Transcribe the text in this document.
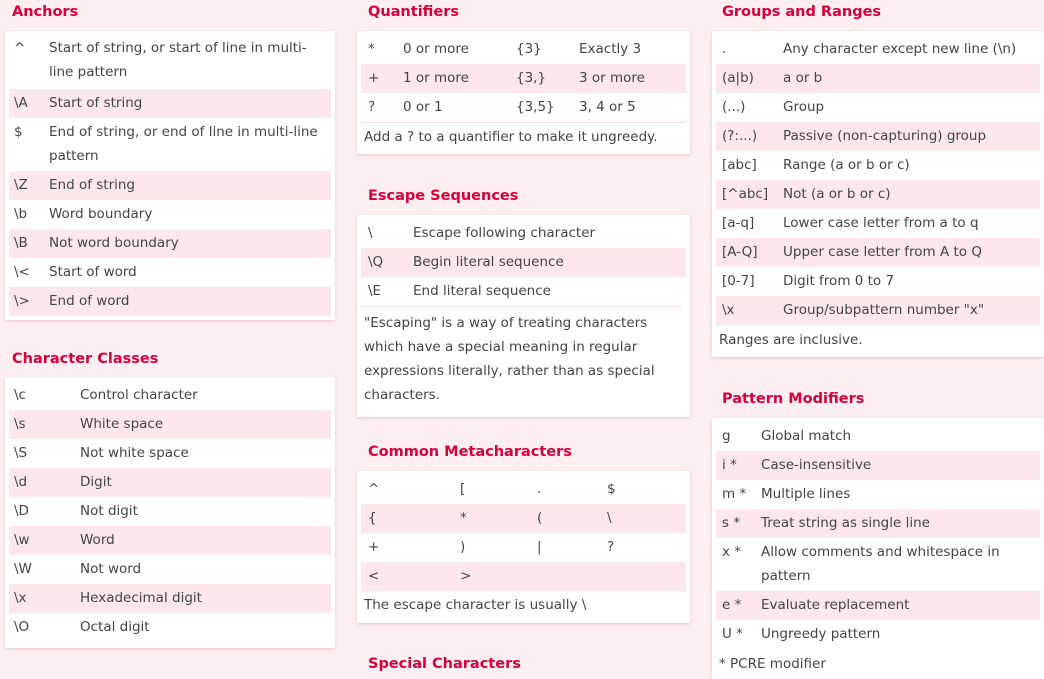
Anchors
^ Start of string, or start of line in multi-line pattern
\A Start of string
$ End of string, or end of line in multi-line pattern
\Z End of string
\b Word boundary
\B Not word boundary
\< Start of word
\> End of word
Character Classes
\c	Control character
\s	White space
\S	Not white space
\d	Digit
\D	Not digit
\w	Word
\W	Not word
\x	Hexadecimal digit
\O	Octal digit
Quantifiers
* 0 or more	{3}	Exactly 3
+ 1 or more	{3,} 3 or more
? 0 or 1	{3,5} 3, 4 or 5
Add a ? to a quantifier to make it ungreedy.
Escape Sequences
\	Escape following character
\Q Begin literal sequence
\E End literal sequence
"Escaping" is a way of treating characters which have a special meaning in regular expressions literally, rather than as special characters.
Common Metacharacters
^	[	.	$
{	*	(	\
+	)	|	?
<	>
The escape character is usually \
Special Characters
Groups and Ranges
.	Any character except new line (\n)
(a|b) a or b
(...)	Group
(?:...) Passive (non-capturing) group
[abc] Range (a or b or c)
[^abc] Not (a or b or c)
[a-q] Lower case letter from a to q
[A-Q] Upper case letter from A to Q
[0-7] Digit from 0 to 7
\x	Group/subpattern number "x"
Ranges are inclusive.
Pattern Modifiers
g Global match
i * Case-insensitive
m * Multiple lines
s * Treat string as single line
x * Allow comments and whitespace in pattern
e * Evaluate replacement
U * Ungreedy pattern
* PCRE modifier
